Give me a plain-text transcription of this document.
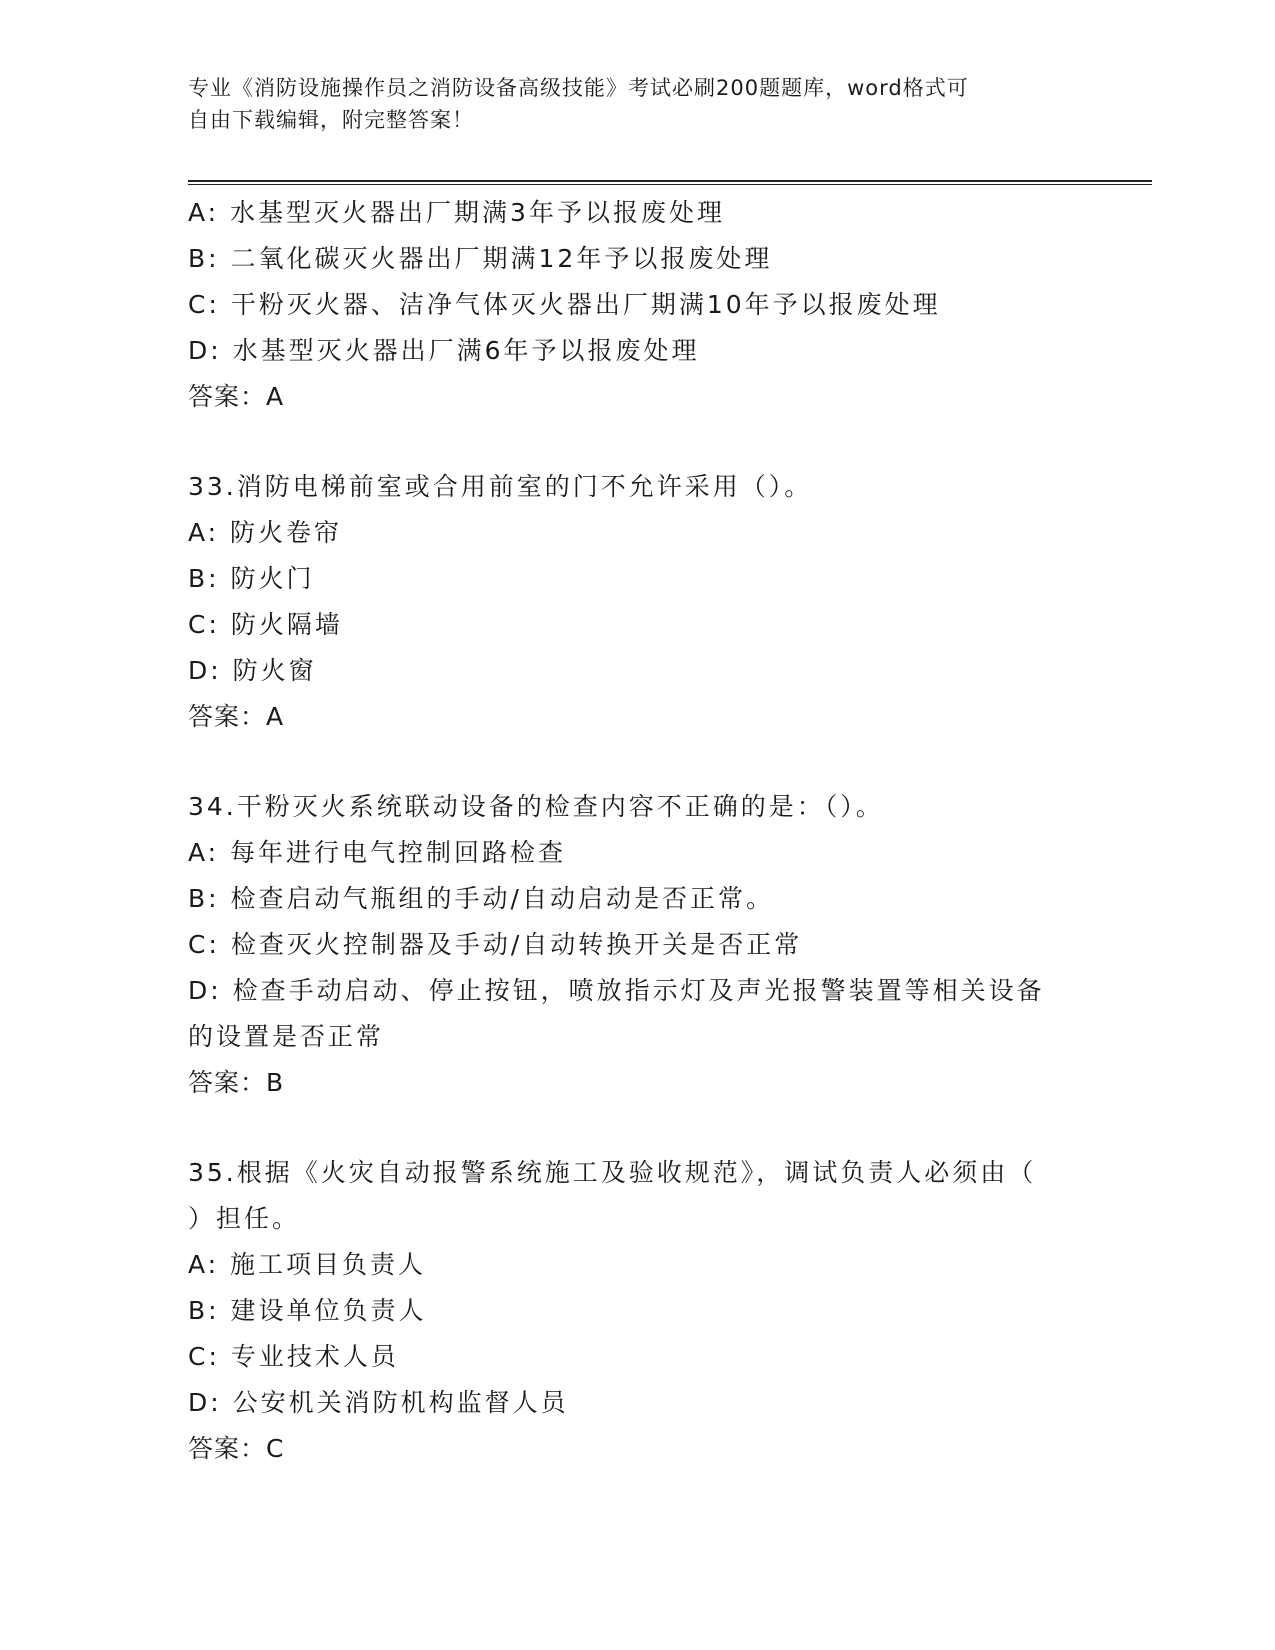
专业《消防设施操作员之消防设备高级技能》考试必刷200题题库，word格式可
自由下载编辑，附完整答案！
A: 水基型灭火器出厂期满3年予以报废处理
B: 二氧化碳灭火器出厂期满12年予以报废处理
C: 干粉灭火器、洁净气体灭火器出厂期满10年予以报废处理
D: 水基型灭火器出厂满6年予以报废处理
答案：A
33.消防电梯前室或合用前室的门不允许采用（）。
A: 防火卷帘
B: 防火门
C: 防火隔墙
D: 防火窗
答案：A
34.干粉灭火系统联动设备的检查内容不正确的是：（）。
A: 每年进行电气控制回路检查
B: 检查启动气瓶组的手动/自动启动是否正常。
C: 检查灭火控制器及手动/自动转换开关是否正常
D: 检查手动启动、停止按钮，喷放指示灯及声光报警装置等相关设备
的设置是否正常
答案：B
35.根据《火灾自动报警系统施工及验收规范》，调试负责人必须由（
）担任。
A: 施工项目负责人
B: 建设单位负责人
C: 专业技术人员
D: 公安机关消防机构监督人员
答案：C
